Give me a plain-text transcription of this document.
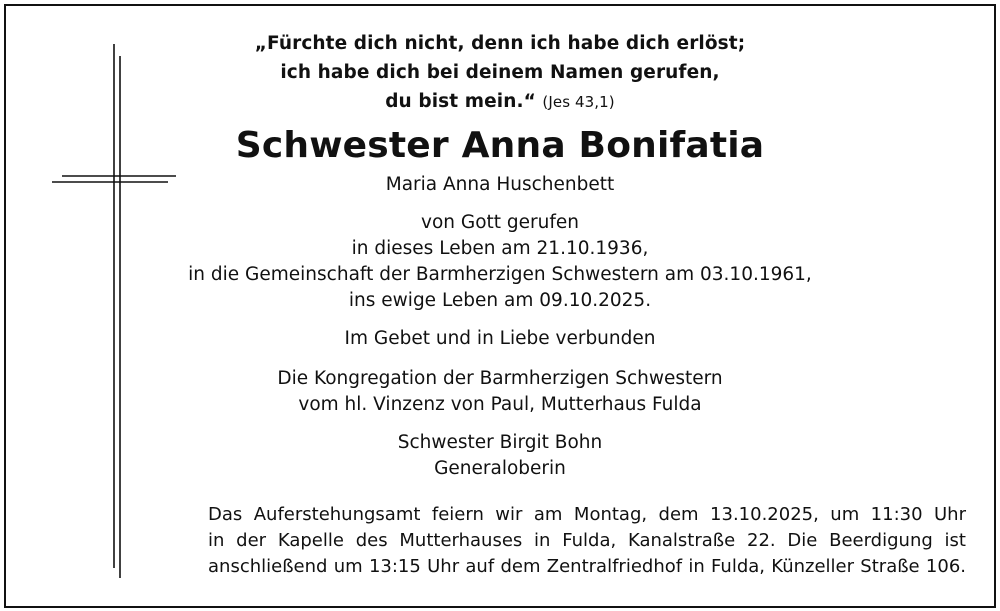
„Fürchte dich nicht, denn ich habe dich erlöst;
ich habe dich bei deinem Namen gerufen,
du bist mein.“ (Jes 43,1)
Schwester Anna Bonifatia
Maria Anna Huschenbett
von Gott gerufen
in dieses Leben am 21.10.1936,
in die Gemeinschaft der Barmherzigen Schwestern am 03.10.1961,
ins ewige Leben am 09.10.2025.
Im Gebet und in Liebe verbunden
Die Kongregation der Barmherzigen Schwestern
vom hl. Vinzenz von Paul, Mutterhaus Fulda
Schwester Birgit Bohn
Generaloberin
Das Auferstehungsamt feiern wir am Montag, dem 13.10.2025, um 11:30 Uhr
in der Kapelle des Mutterhauses in Fulda, Kanalstraße 22. Die Beerdigung ist
anschließend um 13:15 Uhr auf dem Zentralfriedhof in Fulda, Künzeller Straße 106.
